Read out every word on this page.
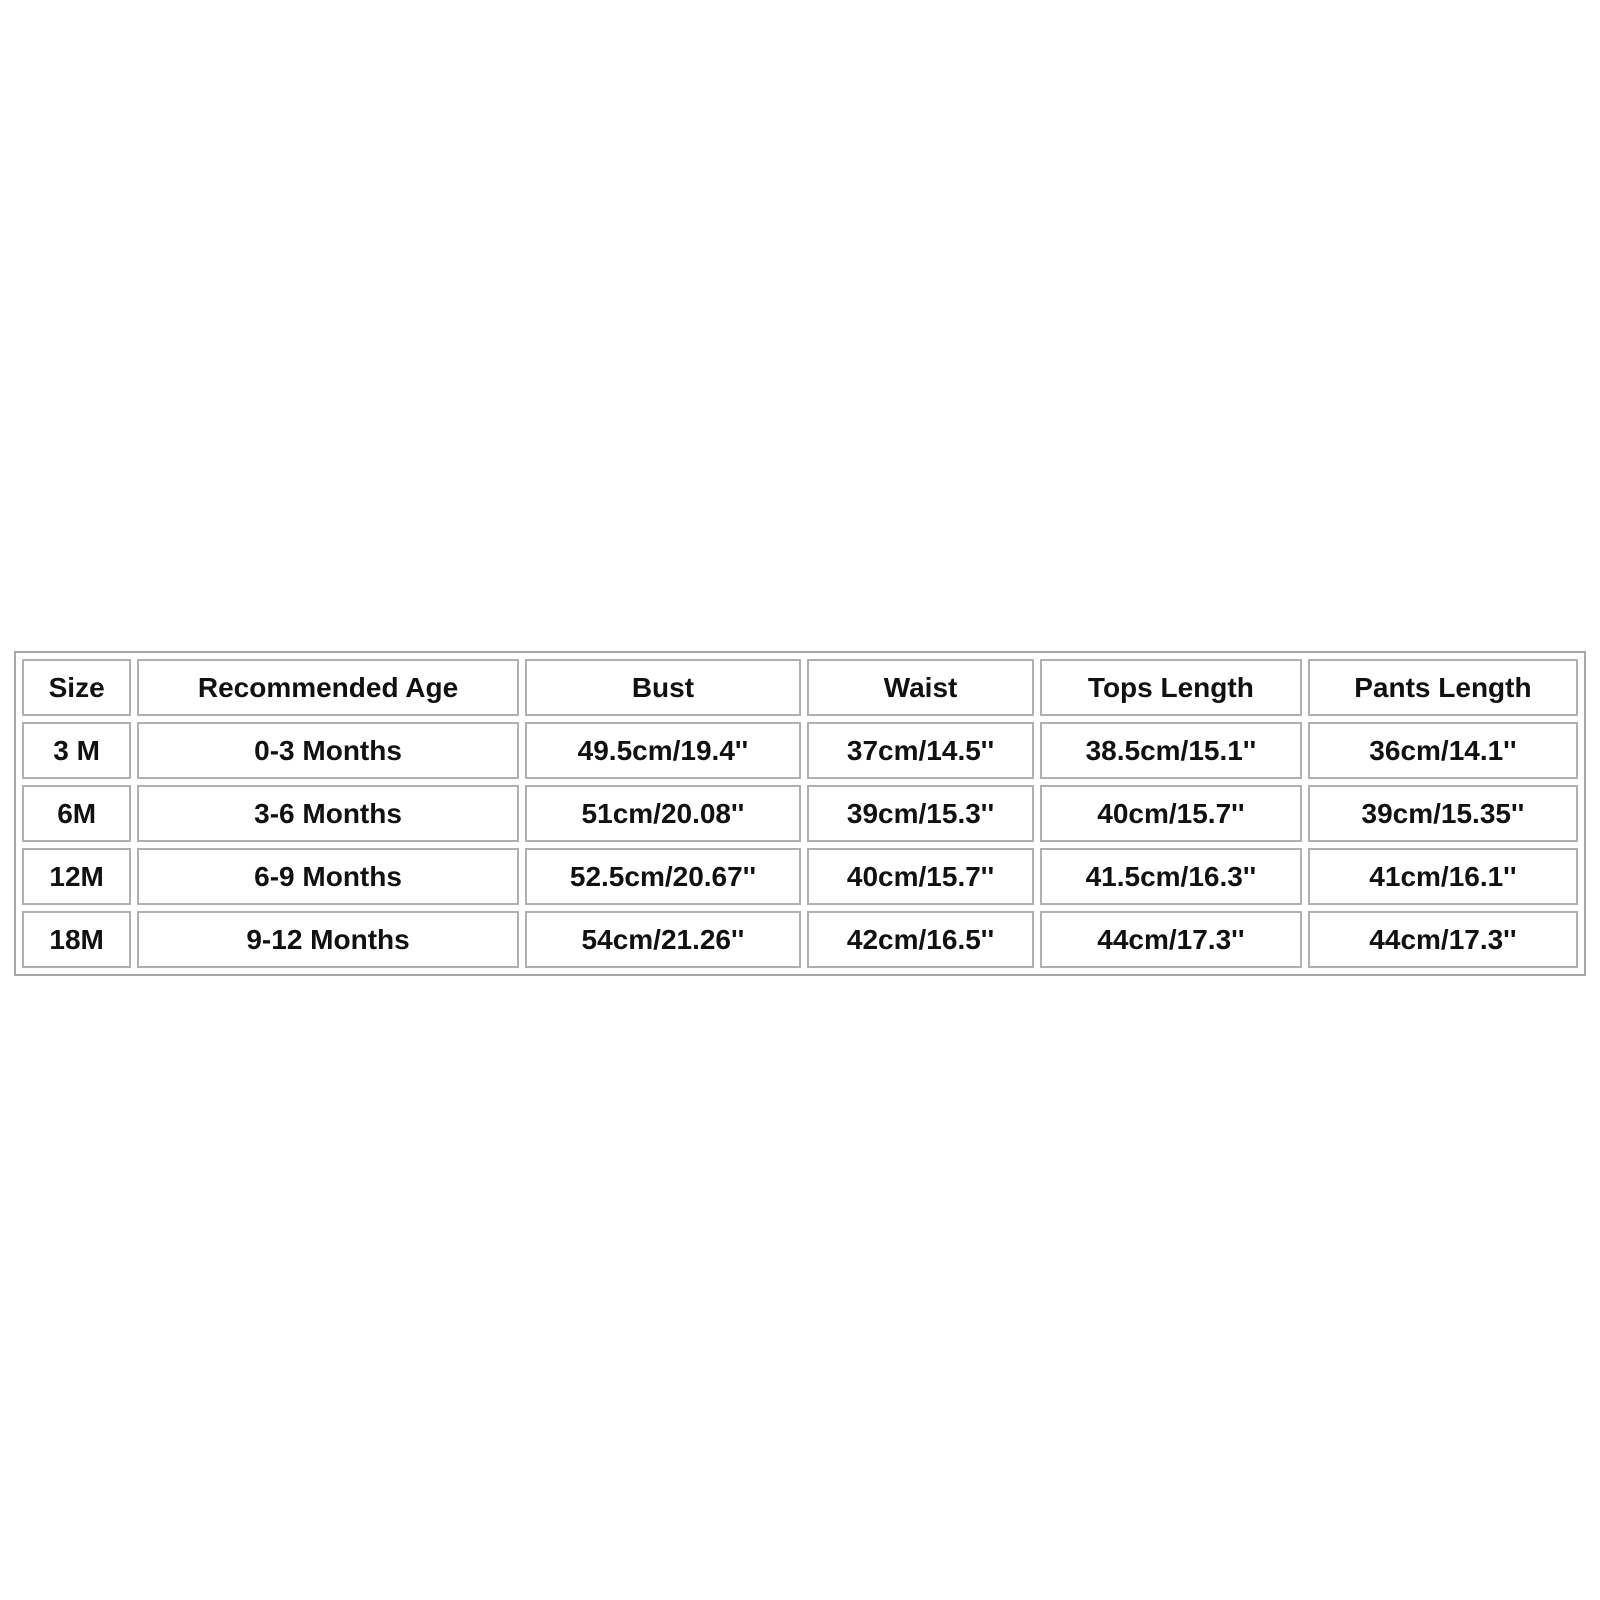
Size	Recommended Age	Bust	Waist	Tops Length	Pants Length
3 M	0-3 Months	49.5cm/19.4''	37cm/14.5''	38.5cm/15.1''	36cm/14.1''
6M	3-6 Months	51cm/20.08''	39cm/15.3''	40cm/15.7''	39cm/15.35''
12M	6-9 Months	52.5cm/20.67''	40cm/15.7''	41.5cm/16.3''	41cm/16.1''
18M	9-12 Months	54cm/21.26''	42cm/16.5''	44cm/17.3''	44cm/17.3''
